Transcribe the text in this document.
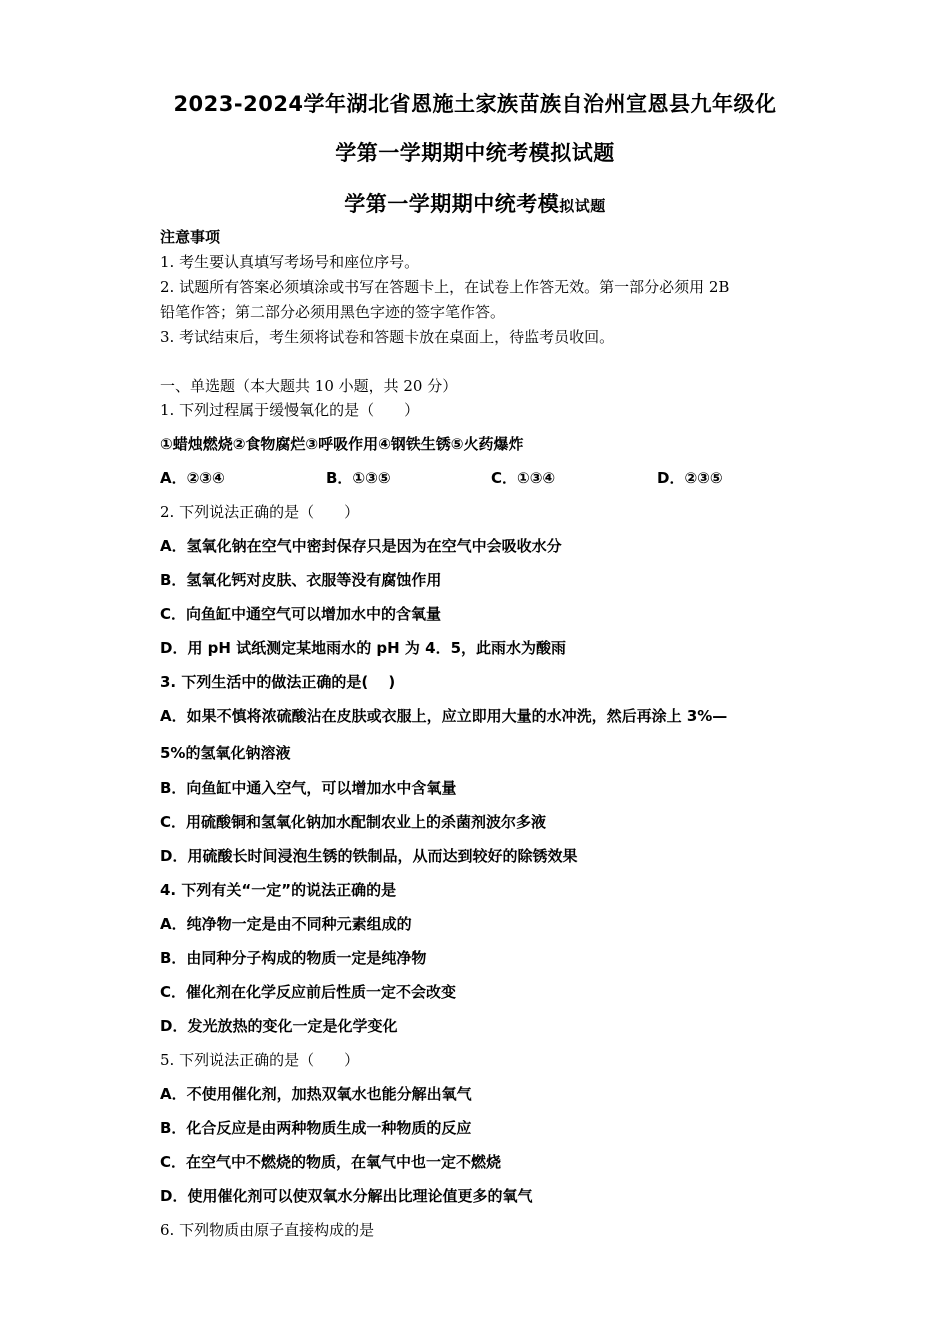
2023-2024学年湖北省恩施土家族苗族自治州宣恩县九年级化
学第一学期期中统考模拟试题
学第一学期期中统考模拟试题
注意事项
1. 考生要认真填写考场号和座位序号。
2. 试题所有答案必须填涂或书写在答题卡上，在试卷上作答无效。第一部分必须用 2B
铅笔作答；第二部分必须用黑色字迹的签字笔作答。
3. 考试结束后，考生须将试卷和答题卡放在桌面上，待监考员收回。
一、单选题（本大题共 10 小题，共 20 分）
1. 下列过程属于缓慢氧化的是（　　）
①蜡烛燃烧②食物腐烂③呼吸作用④钢铁生锈⑤火药爆炸
A．②③④	B．①③⑤	C．①③④	D．②③⑤
2. 下列说法正确的是（　　）
A．氢氧化钠在空气中密封保存只是因为在空气中会吸收水分
B．氢氧化钙对皮肤、衣服等没有腐蚀作用
C．向鱼缸中通空气可以增加水中的含氧量
D．用 pH 试纸测定某地雨水的 pH 为 4．5，此雨水为酸雨
3. 下列生活中的做法正确的是(　 )
A．如果不慎将浓硫酸沾在皮肤或衣服上，应立即用大量的水冲洗，然后再涂上 3%—
5%的氢氧化钠溶液
B．向鱼缸中通入空气，可以增加水中含氧量
C．用硫酸铜和氢氧化钠加水配制农业上的杀菌剂波尔多液
D．用硫酸长时间浸泡生锈的铁制品，从而达到较好的除锈效果
4. 下列有关“一定”的说法正确的是
A．纯净物一定是由不同种元素组成的
B．由同种分子构成的物质一定是纯净物
C．催化剂在化学反应前后性质一定不会改变
D．发光放热的变化一定是化学变化
5. 下列说法正确的是（　　）
A．不使用催化剂，加热双氧水也能分解出氧气
B．化合反应是由两种物质生成一种物质的反应
C．在空气中不燃烧的物质，在氧气中也一定不燃烧
D．使用催化剂可以使双氧水分解出比理论值更多的氧气
6. 下列物质由原子直接构成的是
